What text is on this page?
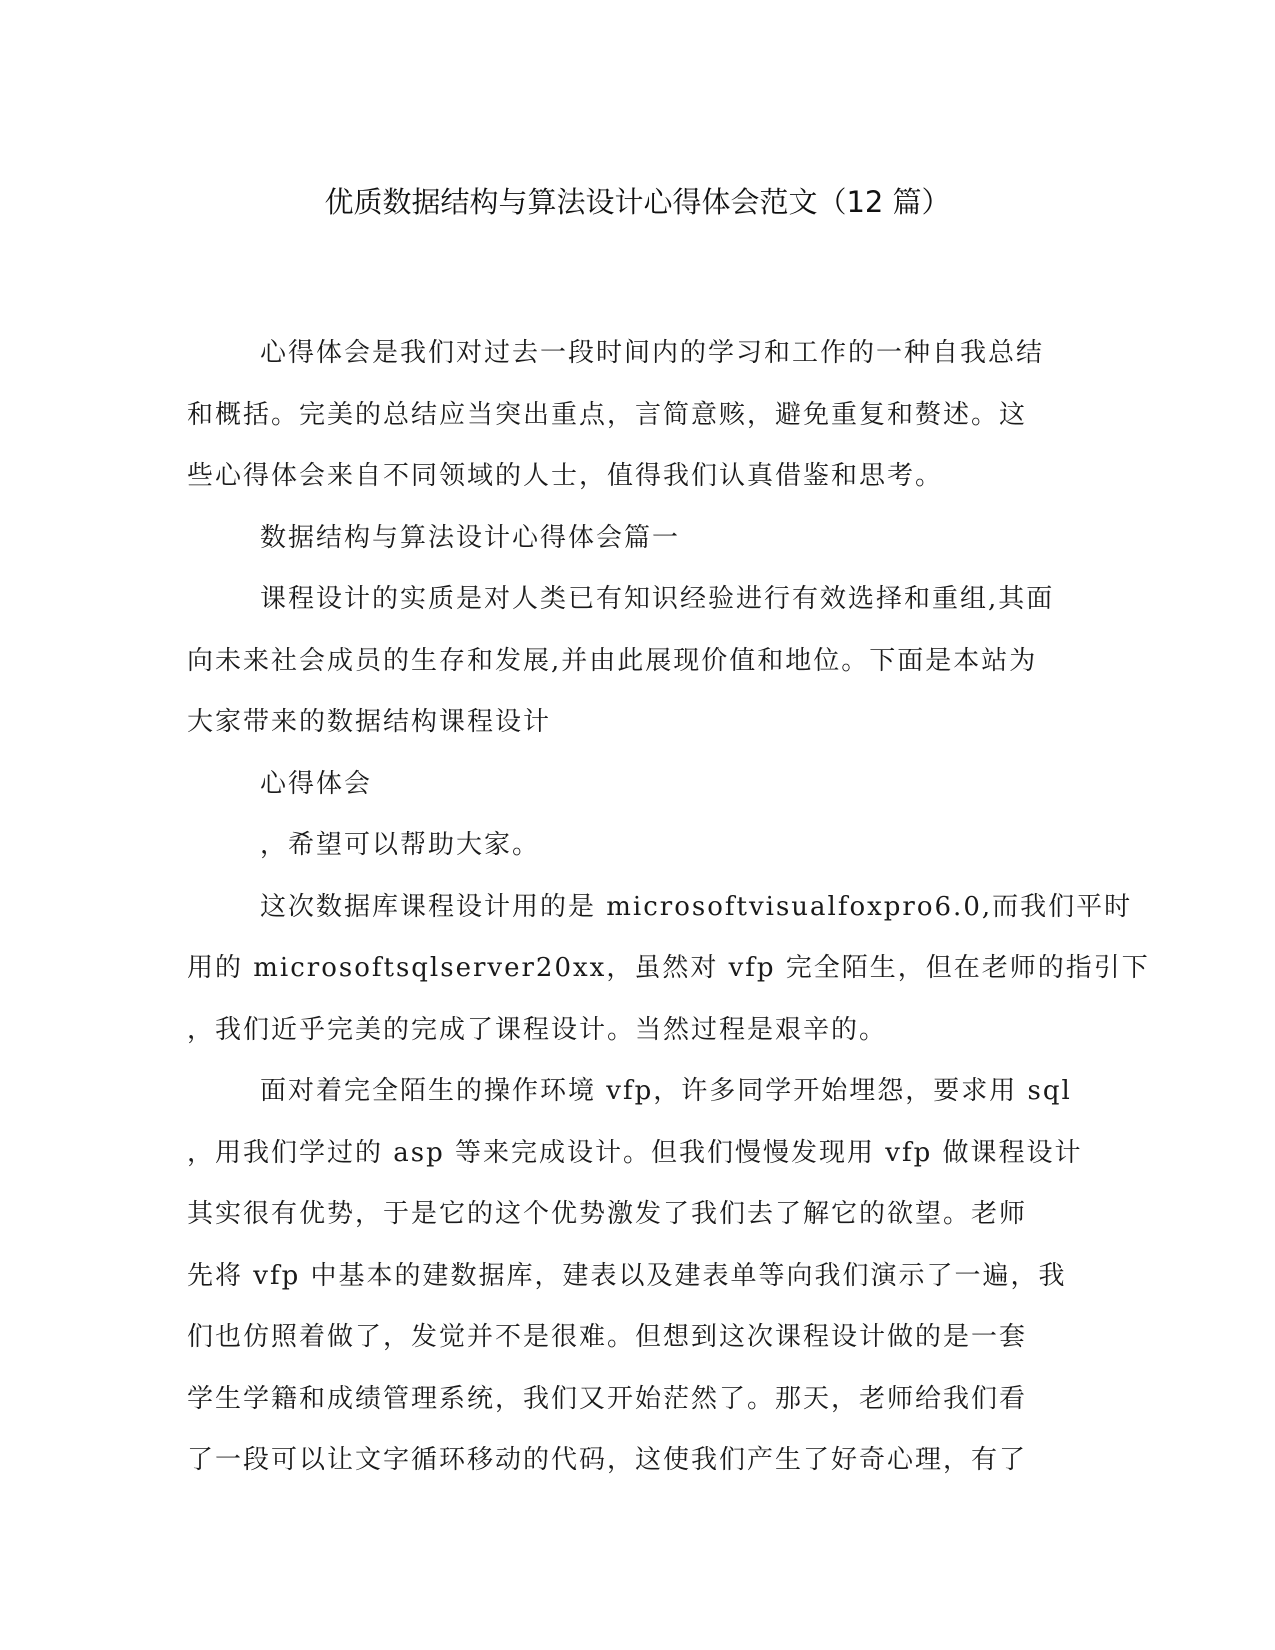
优质数据结构与算法设计心得体会范文（12 篇）

心得体会是我们对过去一段时间内的学习和工作的一种自我总结
和概括。完美的总结应当突出重点，言简意赅，避免重复和赘述。这
些心得体会来自不同领域的人士，值得我们认真借鉴和思考。

数据结构与算法设计心得体会篇一

课程设计的实质是对人类已有知识经验进行有效选择和重组,其面
向未来社会成员的生存和发展,并由此展现价值和地位。下面是本站为
大家带来的数据结构课程设计

心得体会

，希望可以帮助大家。

这次数据库课程设计用的是 microsoftvisualfoxpro6.0,而我们平时
用的 microsoftsqlserver20xx，虽然对 vfp 完全陌生，但在老师的指引下
，我们近乎完美的完成了课程设计。当然过程是艰辛的。

面对着完全陌生的操作环境 vfp，许多同学开始埋怨，要求用 sql
，用我们学过的 asp 等来完成设计。但我们慢慢发现用 vfp 做课程设计
其实很有优势，于是它的这个优势激发了我们去了解它的欲望。老师
先将 vfp 中基本的建数据库，建表以及建表单等向我们演示了一遍，我
们也仿照着做了，发觉并不是很难。但想到这次课程设计做的是一套
学生学籍和成绩管理系统，我们又开始茫然了。那天，老师给我们看
了一段可以让文字循环移动的代码，这使我们产生了好奇心理，有了
